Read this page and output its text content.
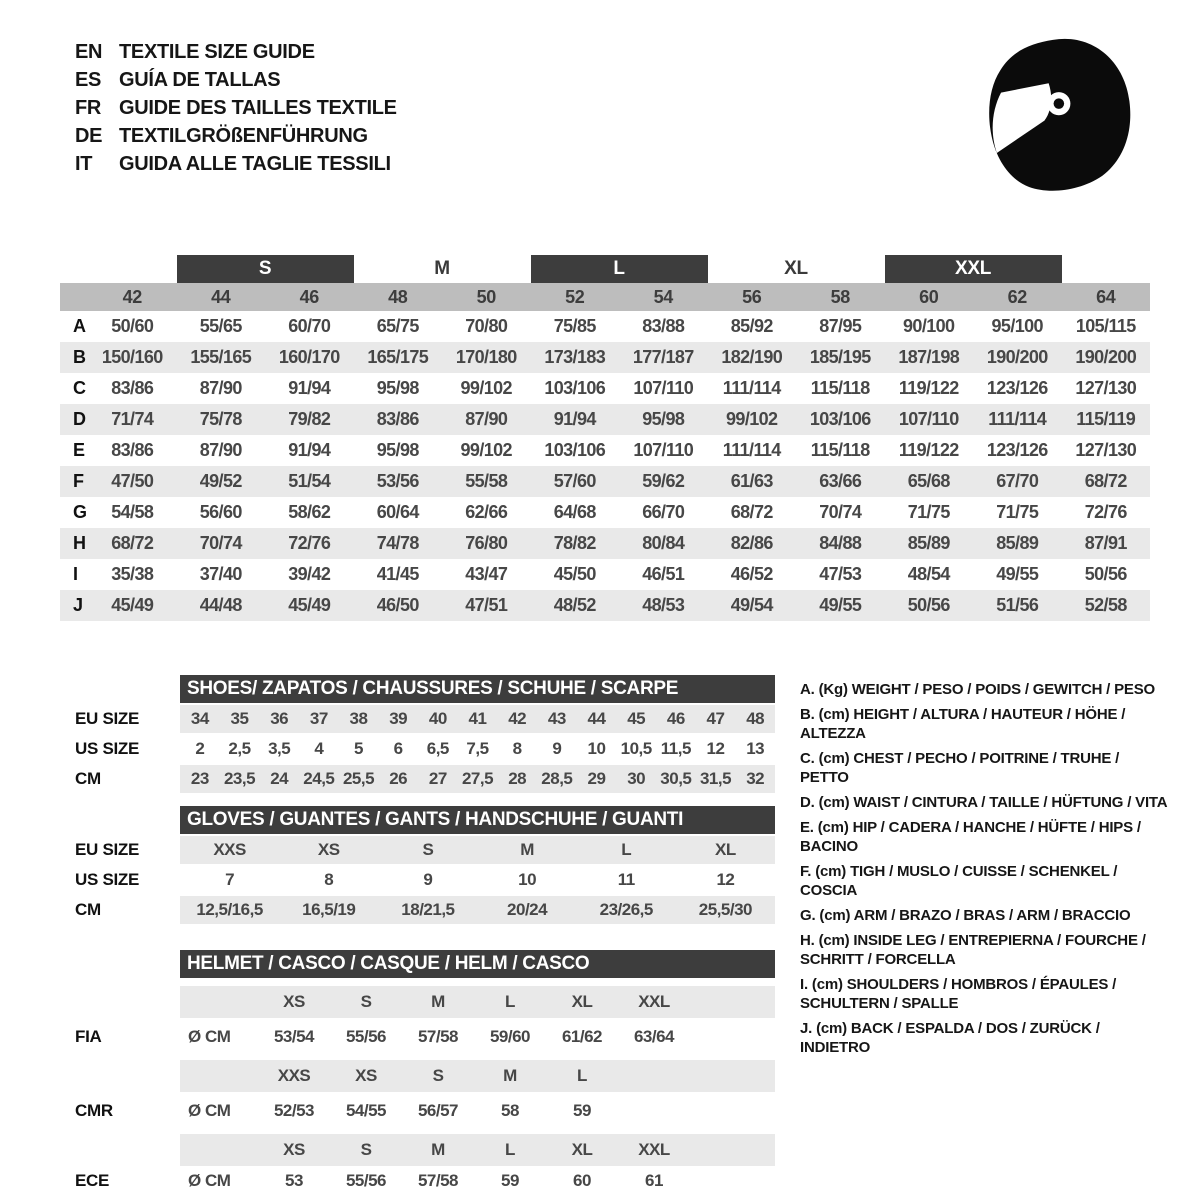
EN TEXTILE SIZE GUIDE
ES GUÍA DE TALLAS
FR GUIDE DES TAILLES TEXTILE
DE TEXTILGRÖßENFÜHRUNG
IT	GUIDA ALLE TAGLIE TESSILI
S	M	L	XL	XXL
42	44	46	48	50	52	54	56	58	60	62	64
A	50/60	55/65	60/70	65/75	70/80	75/85	83/88	85/92	87/95	90/100	95/100	105/115
B 150/160	155/165	160/170	165/175	170/180	173/183	177/187	182/190	185/195	187/198	190/200	190/200
C	83/86	87/90	91/94	95/98	99/102	103/106	107/110	111/114	115/118	119/122	123/126	127/130
D	71/74	75/78	79/82	83/86	87/90	91/94	95/98	99/102	103/106	107/110	111/114	115/119
E	83/86	87/90	91/94	95/98	99/102	103/106	107/110	111/114	115/118	119/122	123/126	127/130
F	47/50	49/52	51/54	53/56	55/58	57/60	59/62	61/63	63/66	65/68	67/70	68/72
G	54/58	56/60	58/62	60/64	62/66	64/68	66/70	68/72	70/74	71/75	71/75	72/76
H	68/72	70/74	72/76	74/78	76/80	78/82	80/84	82/86	84/88	85/89	85/89	87/91
I	35/38	37/40	39/42	41/45	43/47	45/50	46/51	46/52	47/53	48/54	49/55	50/56
J	45/49	44/48	45/49	46/50	47/51	48/52	48/53	49/54	49/55	50/56	51/56	52/58
SHOES/ ZAPATOS / CHAUSSURES / SCHUHE / SCARPE
EU SIZE	34	35	36	37	38	39	40	41	42	43	44	45	46	47	48
US SIZE	2	2,5	3,5	4	5	6	6,5	7,5	8	9	10 10,5 11,5 12	13
CM	23 23,5 24 24,5 25,5 26	27 27,5 28 28,5 29	30 30,5 31,5 32
GLOVES / GUANTES / GANTS / HANDSCHUHE / GUANTI
EU SIZE	XXS	XS	S	M	L	XL
US SIZE	7	8	9	10	11	12
CM	12,5/16,5	16,5/19	18/21,5	20/24	23/26,5	25,5/30
HELMET / CASCO / CASQUE / HELM / CASCO
XS	S	M	L	XL	XXL
FIA	Ø CM	53/54	55/56	57/58	59/60	61/62	63/64
XXS	XS	S	M	L
CMR	Ø CM	52/53	54/55	56/57	58	59
XS	S	M	L	XL	XXL
ECE	Ø CM	53	55/56	57/58	59	60	61
A. (Kg) WEIGHT / PESO / POIDS / GEWITCH / PESO
B. (cm) HEIGHT / ALTURA / HAUTEUR / HÖHE / ALTEZZA
C. (cm) CHEST / PECHO / POITRINE / TRUHE / PETTO
D. (cm) WAIST / CINTURA / TAILLE / HÜFTUNG / VITA
E. (cm) HIP / CADERA / HANCHE / HÜFTE / HIPS / BACINO
F. (cm) TIGH / MUSLO / CUISSE / SCHENKEL / COSCIA
G. (cm) ARM / BRAZO / BRAS / ARM / BRACCIO
H. (cm) INSIDE LEG / ENTREPIERNA / FOURCHE / SCHRITT / FORCELLA
I. (cm) SHOULDERS / HOMBROS / ÉPAULES / SCHULTERN / SPALLE
J. (cm) BACK / ESPALDA / DOS / ZURÜCK / INDIETRO
